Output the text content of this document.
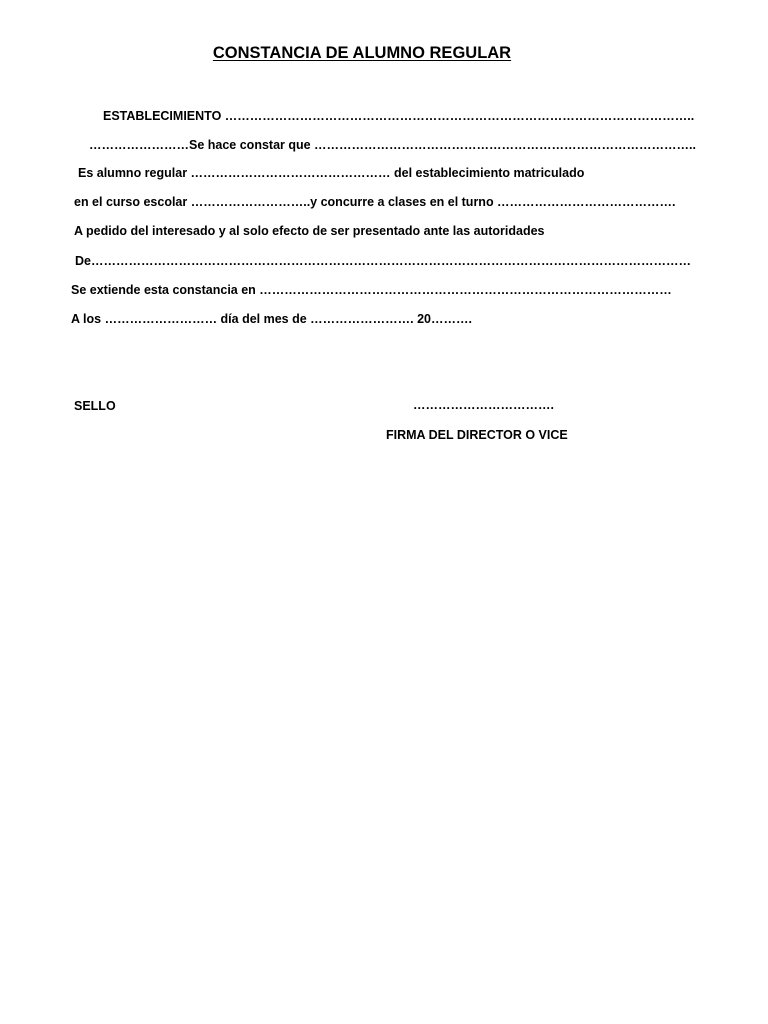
CONSTANCIA DE ALUMNO REGULAR
ESTABLECIMIENTO …………………………………………………………………………………………………..
……………………Se hace constar que ………………………………………………………………………………..
Es alumno regular ………………………………………… del establecimiento matriculado
en el curso escolar ………………………..y concurre a clases en el turno …………………………………….
A pedido del interesado y al solo efecto de ser presentado ante las autoridades
De………………………………………………………………………………………………………………………………
Se extiende esta constancia en ………………………………………………………………………………………
A los ……………………… día del mes de ……………………. 20……….
SELLO	…………………………….
FIRMA DEL DIRECTOR O VICE
